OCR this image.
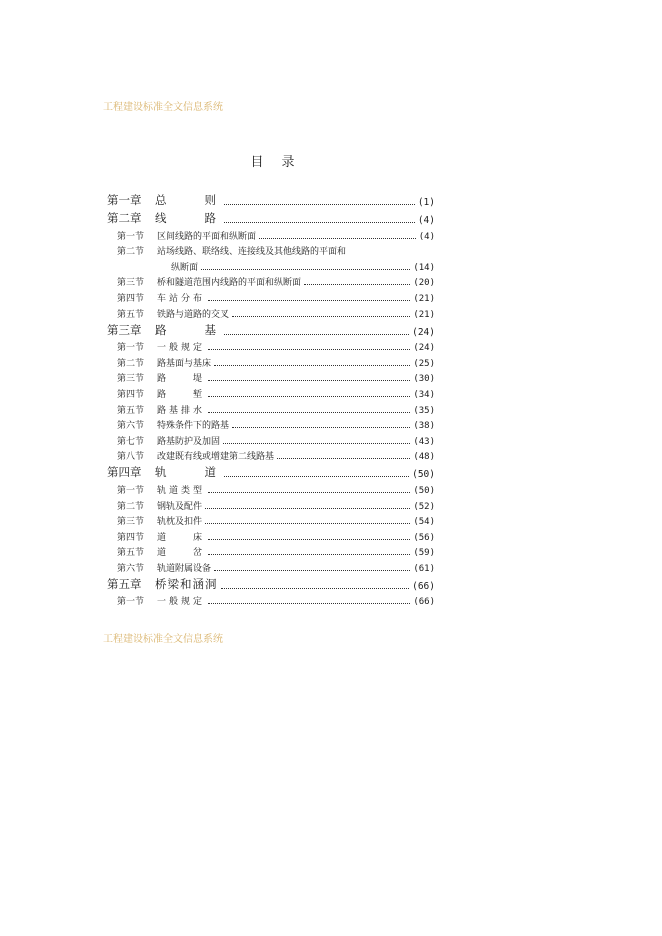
工程建设标准全文信息系统
目录
第一章	总　　则	(1)
第二章	线　　路	(4)
第一节	区间线路的平面和纵断面	(4)
第二节	站场线路、联络线、连接线及其他线路的平面和
纵断面	(14)
第三节	桥和隧道范围内线路的平面和纵断面	(20)
第四节	车站分布	(21)
第五节	铁路与道路的交叉	(21)
第三章	路　　基	(24)
第一节	一般规定	(24)
第二节	路基面与基床	(25)
第三节	路　　堤	(30)
第四节	路　　堑	(34)
第五节	路基排水	(35)
第六节	特殊条件下的路基	(38)
第七节	路基防护及加固	(43)
第八节	改建既有线或增建第二线路基	(48)
第四章	轨　　道	(50)
第一节	轨道类型	(50)
第二节	钢轨及配件	(52)
第三节	轨枕及扣件	(54)
第四节	道　　床	(56)
第五节	道　　岔	(59)
第六节	轨道附属设备	(61)
第五章	桥梁和涵洞	(66)
第一节	一般规定	(66)
工程建设标准全文信息系统
